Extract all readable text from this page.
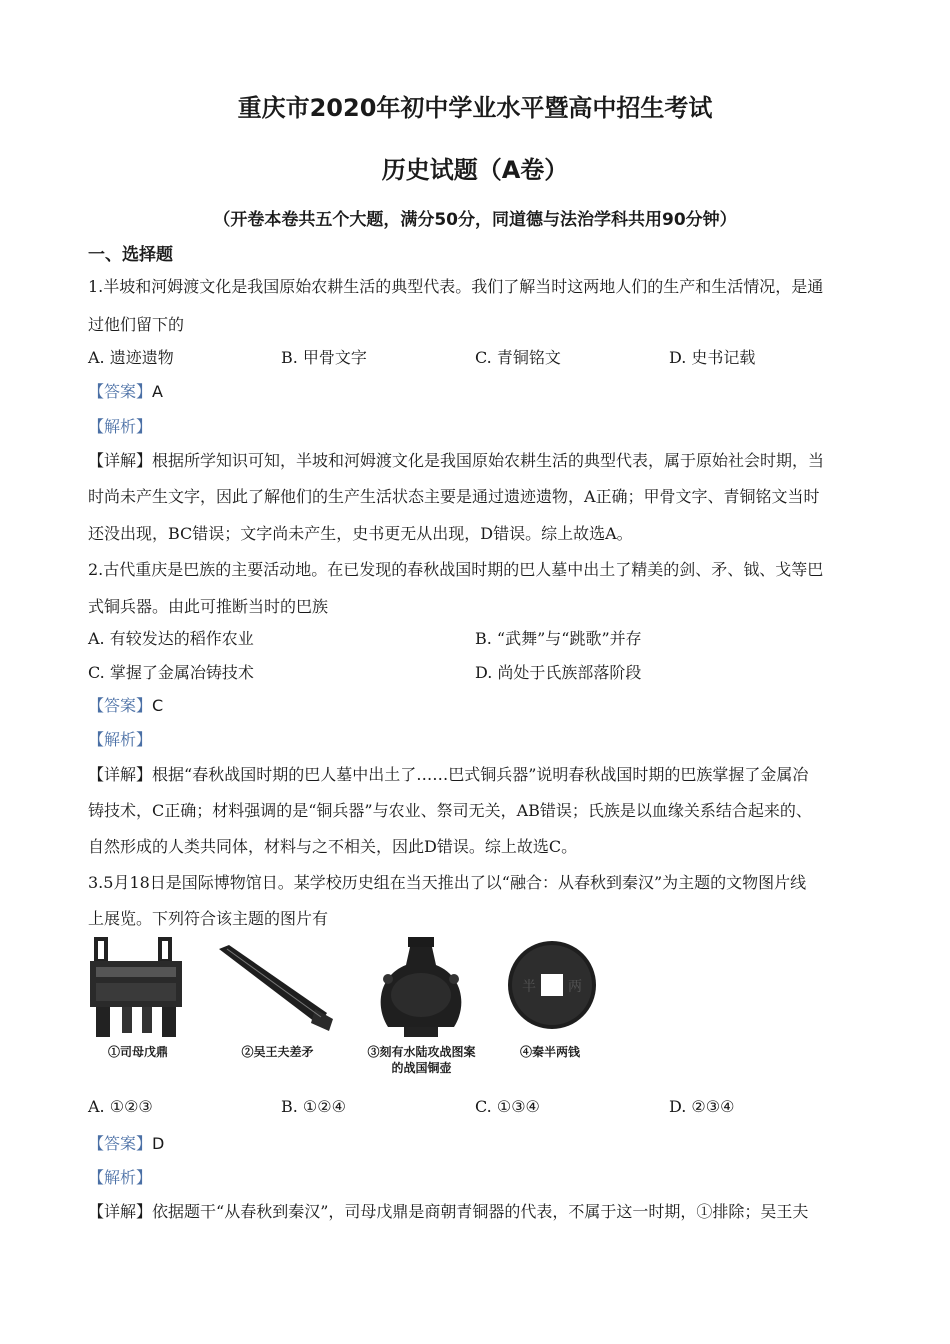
重庆市2020年初中学业水平暨高中招生考试
历史试题（A卷）
（开卷本卷共五个大题，满分50分，同道德与法治学科共用90分钟）
一、选择题
1.半坡和河姆渡文化是我国原始农耕生活的典型代表。我们了解当时这两地人们的生产和生活情况，是通
过他们留下的
A. 遗迹遗物	B. 甲骨文字	C. 青铜铭文	D. 史书记载
【答案】A
【解析】
【详解】根据所学知识可知，半坡和河姆渡文化是我国原始农耕生活的典型代表，属于原始社会时期，当
时尚未产生文字，因此了解他们的生产生活状态主要是通过遗迹遗物，A正确；甲骨文字、青铜铭文当时
还没出现，BC错误；文字尚未产生，史书更无从出现，D错误。综上故选A。
2.古代重庆是巴族的主要活动地。在已发现的春秋战国时期的巴人墓中出土了精美的剑、矛、钺、戈等巴
式铜兵器。由此可推断当时的巴族
A. 有较发达的稻作农业	B. “武舞”与“跳歌”并存
C. 掌握了金属冶铸技术	D. 尚处于氏族部落阶段
【答案】C
【解析】
【详解】根据“春秋战国时期的巴人墓中出土了……巴式铜兵器”说明春秋战国时期的巴族掌握了金属冶
铸技术，C正确；材料强调的是“铜兵器”与农业、祭司无关，AB错误；氏族是以血缘关系结合起来的、
自然形成的人类共同体，材料与之不相关，因此D错误。综上故选C。
3.5月18日是国际博物馆日。某学校历史组在当天推出了以“融合：从春秋到秦汉”为主题的文物图片线
上展览。下列符合该主题的图片有
①司母戊鼎	②吴王夫差矛	③刻有水陆攻战图案的战国铜壶
半 两
④秦半两钱
A. ①②③	B. ①②④	C. ①③④	D. ②③④
【答案】D
【解析】
【详解】依据题干“从春秋到秦汉”，司母戊鼎是商朝青铜器的代表，不属于这一时期，①排除；吴王夫
